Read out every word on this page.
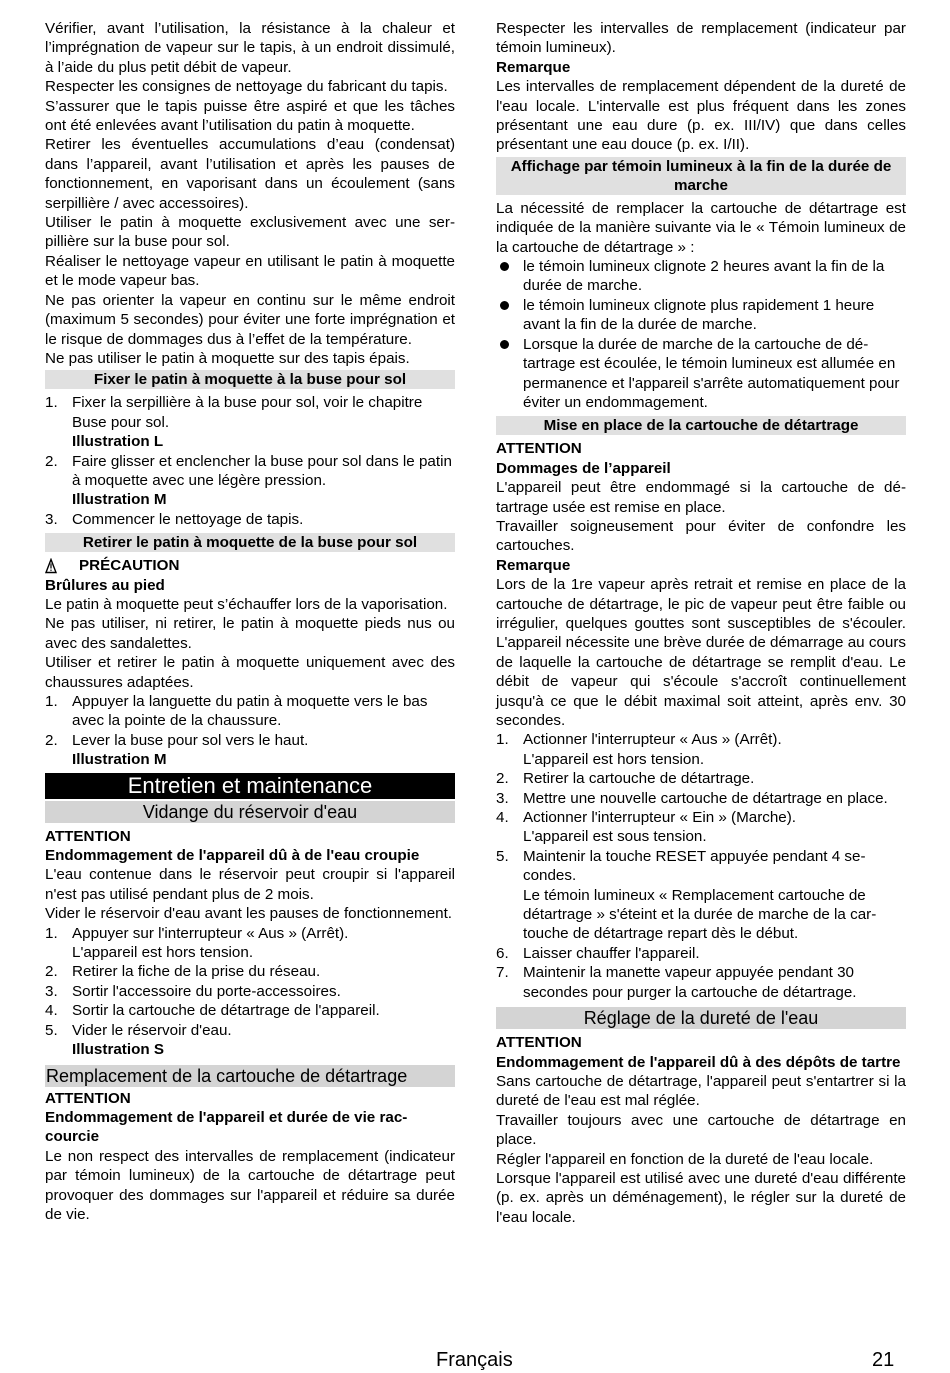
Vérifier, avant l’utilisation, la résistance à la chaleur et l’imprégnation de vapeur sur le tapis, à un endroit dissimulé, à l’aide du plus petit débit de vapeur.

Respecter les consignes de nettoyage du fabricant du tapis.

S’assurer que le tapis puisse être aspiré et que les tâches ont été enlevées avant l’utilisation du patin à moquette.

Retirer les éventuelles accumulations d’eau (condensat) dans l’appareil, avant l’utilisation et après les pauses de fonctionnement, en vaporisant dans un écoulement (sans serpillière / avec accessoires).

Utiliser le patin à moquette exclusivement avec une serpillière sur la buse pour sol.

Réaliser le nettoyage vapeur en utilisant le patin à moquette et le mode vapeur bas.

Ne pas orienter la vapeur en continu sur le même endroit (maximum 5 secondes) pour éviter une forte imprégnation et le risque de dommages dus à l’effet de la température.

Ne pas utiliser le patin à moquette sur des tapis épais.

Fixer le patin à moquette à la buse pour sol
1. Fixer la serpillière à la buse pour sol, voir le chapitre Buse pour sol.
Illustration L
2. Faire glisser et enclencher la buse pour sol dans le patin à moquette avec une légère pression.
Illustration M
3. Commencer le nettoyage de tapis.
Retirer le patin à moquette de la buse pour sol
PRÉCAUTION
Brûlures au pied

Le patin à moquette peut s’échauffer lors de la vaporisation.

Ne pas utiliser, ni retirer, le patin à moquette pieds nus ou avec des sandalettes.

Utiliser et retirer le patin à moquette uniquement avec des chaussures adaptées.

1. Appuyer la languette du patin à moquette vers le bas avec la pointe de la chaussure.
2. Lever la buse pour sol vers le haut.
Illustration M
Entretien et maintenance
Vidange du réservoir d'eau
ATTENTION
Endommagement de l'appareil dû à de l'eau croupie

L'eau contenue dans le réservoir peut croupir si l'appareil n'est pas utilisé pendant plus de 2 mois.

Vider le réservoir d'eau avant les pauses de fonctionnement.

1. Appuyer sur l'interrupteur « Aus » (Arrêt).
L'appareil est hors tension.
2. Retirer la fiche de la prise du réseau.
3. Sortir l'accessoire du porte-accessoires.
4. Sortir la cartouche de détartrage de l'appareil.
5. Vider le réservoir d'eau.
Illustration S
Remplacement de la cartouche de détartrage
ATTENTION
Endommagement de l'appareil et durée de vie raccourcie

Le non respect des intervalles de remplacement (indicateur par témoin lumineux) de la cartouche de détartrage peut provoquer des dommages sur l'appareil et réduire sa durée de vie.

Respecter les intervalles de remplacement (indicateur par témoin lumineux).

Remarque

Les intervalles de remplacement dépendent de la dureté de l'eau locale. L'intervalle est plus fréquent dans les zones présentant une eau dure (p. ex. III/IV) que dans celles présentant une eau douce (p. ex. I/II).

Affichage par témoin lumineux à la fin de la durée de marche

La nécessité de remplacer la cartouche de détartrage est indiquée de la manière suivante via le « Témoin lumineux de la cartouche de détartrage » :

le témoin lumineux clignote 2 heures avant la fin de la durée de marche.
le témoin lumineux clignote plus rapidement 1 heure avant la fin de la durée de marche.
Lorsque la durée de marche de la cartouche de détartrage est écoulée, le témoin lumineux est allumée en permanence et l'appareil s'arrête automatiquement pour éviter un endommagement.
Mise en place de la cartouche de détartrage
ATTENTION
Dommages de l’appareil

L'appareil peut être endommagé si la cartouche de détartrage usée est remise en place.

Travailler soigneusement pour éviter de confondre les cartouches.

Remarque

Lors de la 1re vapeur après retrait et remise en place de la cartouche de détartrage, le pic de vapeur peut être faible ou irrégulier, quelques gouttes sont susceptibles de s'écouler. L'appareil nécessite une brève durée de démarrage au cours de laquelle la cartouche de détartrage se remplit d'eau. Le débit de vapeur qui s'écoule s'accroît continuellement jusqu'à ce que le débit maximal soit atteint, après env. 30 secondes.

1. Actionner l'interrupteur « Aus » (Arrêt).
L'appareil est hors tension.
2. Retirer la cartouche de détartrage.
3. Mettre une nouvelle cartouche de détartrage en place.
4. Actionner l'interrupteur « Ein » (Marche).
L'appareil est sous tension.
5. Maintenir la touche RESET appuyée pendant 4 secondes.
Le témoin lumineux « Remplacement cartouche de détartrage » s'éteint et la durée de marche de la cartouche de détartrage repart dès le début.
6. Laisser chauffer l'appareil.
7. Maintenir la manette vapeur appuyée pendant 30 secondes pour purger la cartouche de détartrage.
Réglage de la dureté de l'eau
ATTENTION
Endommagement de l'appareil dû à des dépôts de tartre

Sans cartouche de détartrage, l'appareil peut s'entartrer si la dureté de l'eau est mal réglée.

Travailler toujours avec une cartouche de détartrage en place.

Régler l'appareil en fonction de la dureté de l'eau locale.

Lorsque l'appareil est utilisé avec une dureté d'eau différente (p. ex. après un déménagement), le régler sur la dureté de l'eau locale.

Français	21
